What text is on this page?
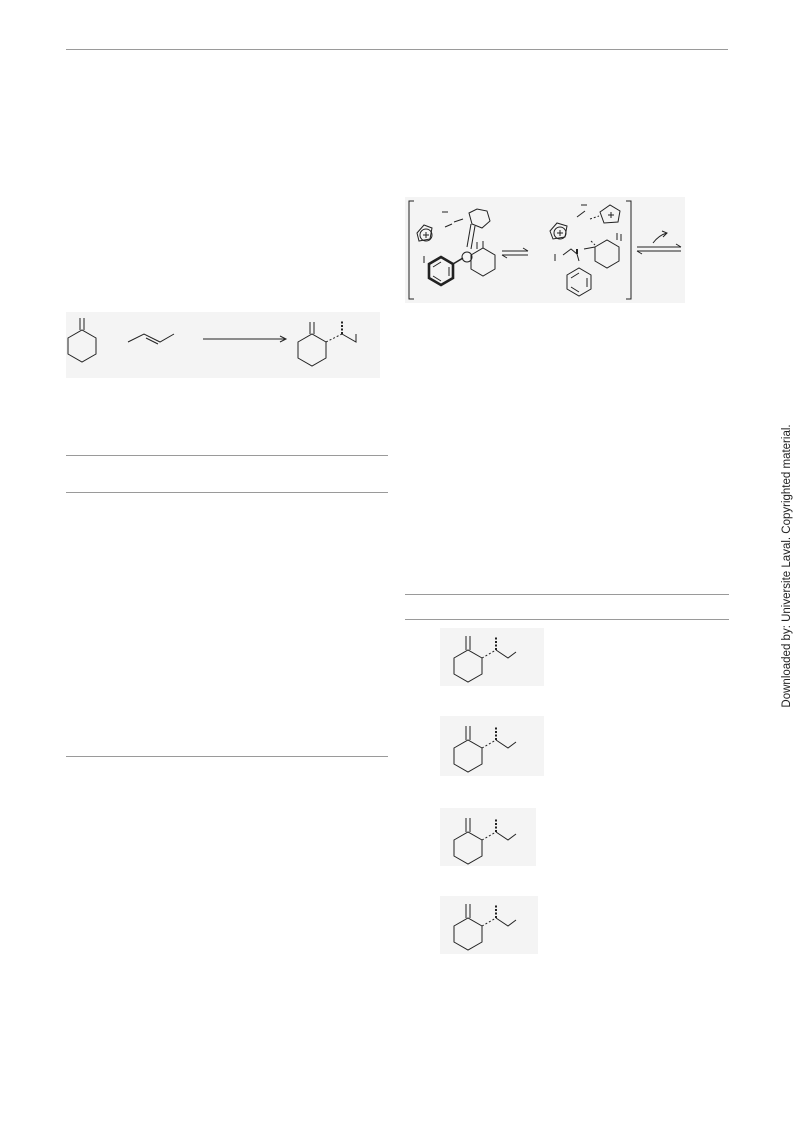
Downloaded by: Universite Laval. Copyrighted material.
